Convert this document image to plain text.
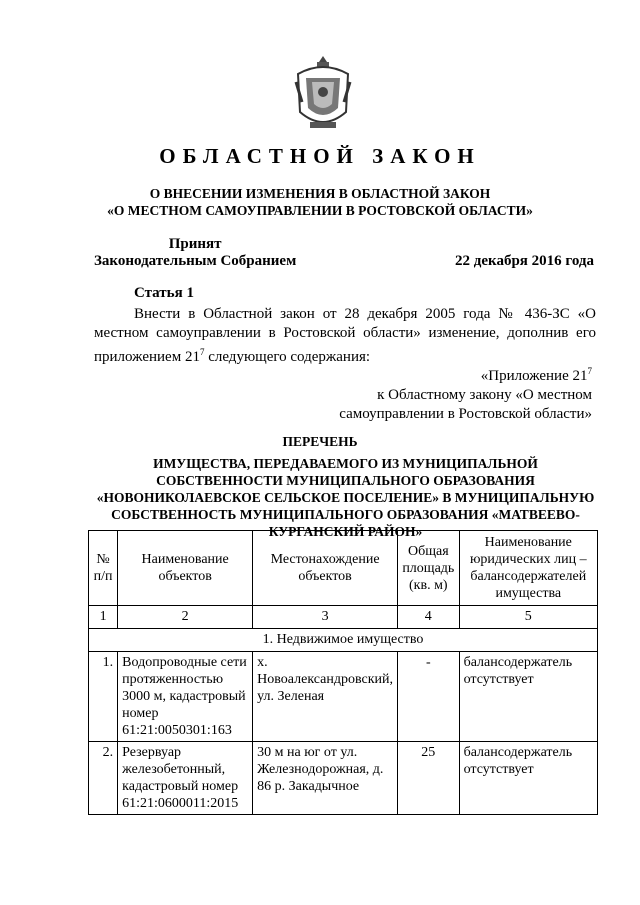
ОБЛАСТНОЙ ЗАКОН
О ВНЕСЕНИИ ИЗМЕНЕНИЯ В ОБЛАСТНОЙ ЗАКОН
«О МЕСТНОМ САМОУПРАВЛЕНИИ В РОСТОВСКОЙ ОБЛАСТИ»
Принят
Законодательным Собранием	22 декабря 2016 года
Статья 1
Внести в Областной закон от 28 декабря 2005 года № 436-ЗС «О местном самоуправлении в Ростовской области» изменение, дополнив его приложением $21^7$ следующего содержания:
«Приложение $21^7$
к Областному закону «О местном
самоуправлении в Ростовской области»
ПЕРЕЧЕНЬ
ИМУЩЕСТВА, ПЕРЕДАВАЕМОГО ИЗ МУНИЦИПАЛЬНОЙ СОБСТВЕННОСТИ МУНИЦИПАЛЬНОГО ОБРАЗОВАНИЯ «НОВОНИКОЛАЕВСКОЕ СЕЛЬСКОЕ ПОСЕЛЕНИЕ» В МУНИЦИПАЛЬНУЮ СОБСТВЕННОСТЬ МУНИЦИПАЛЬНОГО ОБРАЗОВАНИЯ «МАТВЕЕВО-КУРГАНСКИЙ РАЙОН»
№ п/п	Наименование объектов	Местонахождение объектов	Общая площадь (кв. м)	Наименование юридических лиц – балансодержателей имущества
1	2	3	4	5
1. Недвижимое имущество				
1.	Водопроводные сети протяженностью 3000 м, кадастровый номер 61:21:0050301:163	х. Новоалександровский, ул. Зеленая	-	балансодержатель отсутствует
2.	Резервуар железобетонный, кадастровый номер 61:21:0600011:2015	30 м на юг от ул. Железнодорожная, д. 86 р. Закадычное	25	балансодержатель отсутствует
